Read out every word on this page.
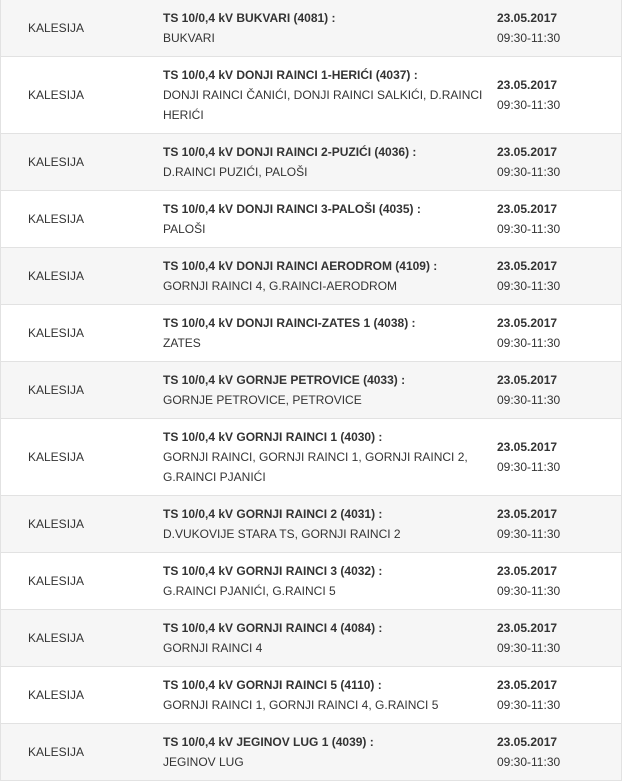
KALESIJA
TS 10/0,4 kV BUKVARI (4081) :
BUKVARI
23.05.2017
09:30-11:30
KALESIJA
TS 10/0,4 kV DONJI RAINCI 1-HERIĆI (4037) :
DONJI RAINCI ČANIĆI, DONJI RAINCI SALKIĆI, D.RAINCI HERIĆI
23.05.2017
09:30-11:30
KALESIJA
TS 10/0,4 kV DONJI RAINCI 2-PUZIĆI (4036) :
D.RAINCI PUZIĆI, PALOŠI
23.05.2017
09:30-11:30
KALESIJA
TS 10/0,4 kV DONJI RAINCI 3-PALOŠI (4035) :
PALOŠI
23.05.2017
09:30-11:30
KALESIJA
TS 10/0,4 kV DONJI RAINCI AERODROM (4109) :
GORNJI RAINCI 4, G.RAINCI-AERODROM
23.05.2017
09:30-11:30
KALESIJA
TS 10/0,4 kV DONJI RAINCI-ZATES 1 (4038) :
ZATES
23.05.2017
09:30-11:30
KALESIJA
TS 10/0,4 kV GORNJE PETROVICE (4033) :
GORNJE PETROVICE, PETROVICE
23.05.2017
09:30-11:30
KALESIJA
TS 10/0,4 kV GORNJI RAINCI 1 (4030) :
GORNJI RAINCI, GORNJI RAINCI 1, GORNJI RAINCI 2, G.RAINCI PJANIĆI
23.05.2017
09:30-11:30
KALESIJA
TS 10/0,4 kV GORNJI RAINCI 2 (4031) :
D.VUKOVIJE STARA TS, GORNJI RAINCI 2
23.05.2017
09:30-11:30
KALESIJA
TS 10/0,4 kV GORNJI RAINCI 3 (4032) :
G.RAINCI PJANIĆI, G.RAINCI 5
23.05.2017
09:30-11:30
KALESIJA
TS 10/0,4 kV GORNJI RAINCI 4 (4084) :
GORNJI RAINCI 4
23.05.2017
09:30-11:30
KALESIJA
TS 10/0,4 kV GORNJI RAINCI 5 (4110) :
GORNJI RAINCI 1, GORNJI RAINCI 4, G.RAINCI 5
23.05.2017
09:30-11:30
KALESIJA
TS 10/0,4 kV JEGINOV LUG 1 (4039) :
JEGINOV LUG
23.05.2017
09:30-11:30
